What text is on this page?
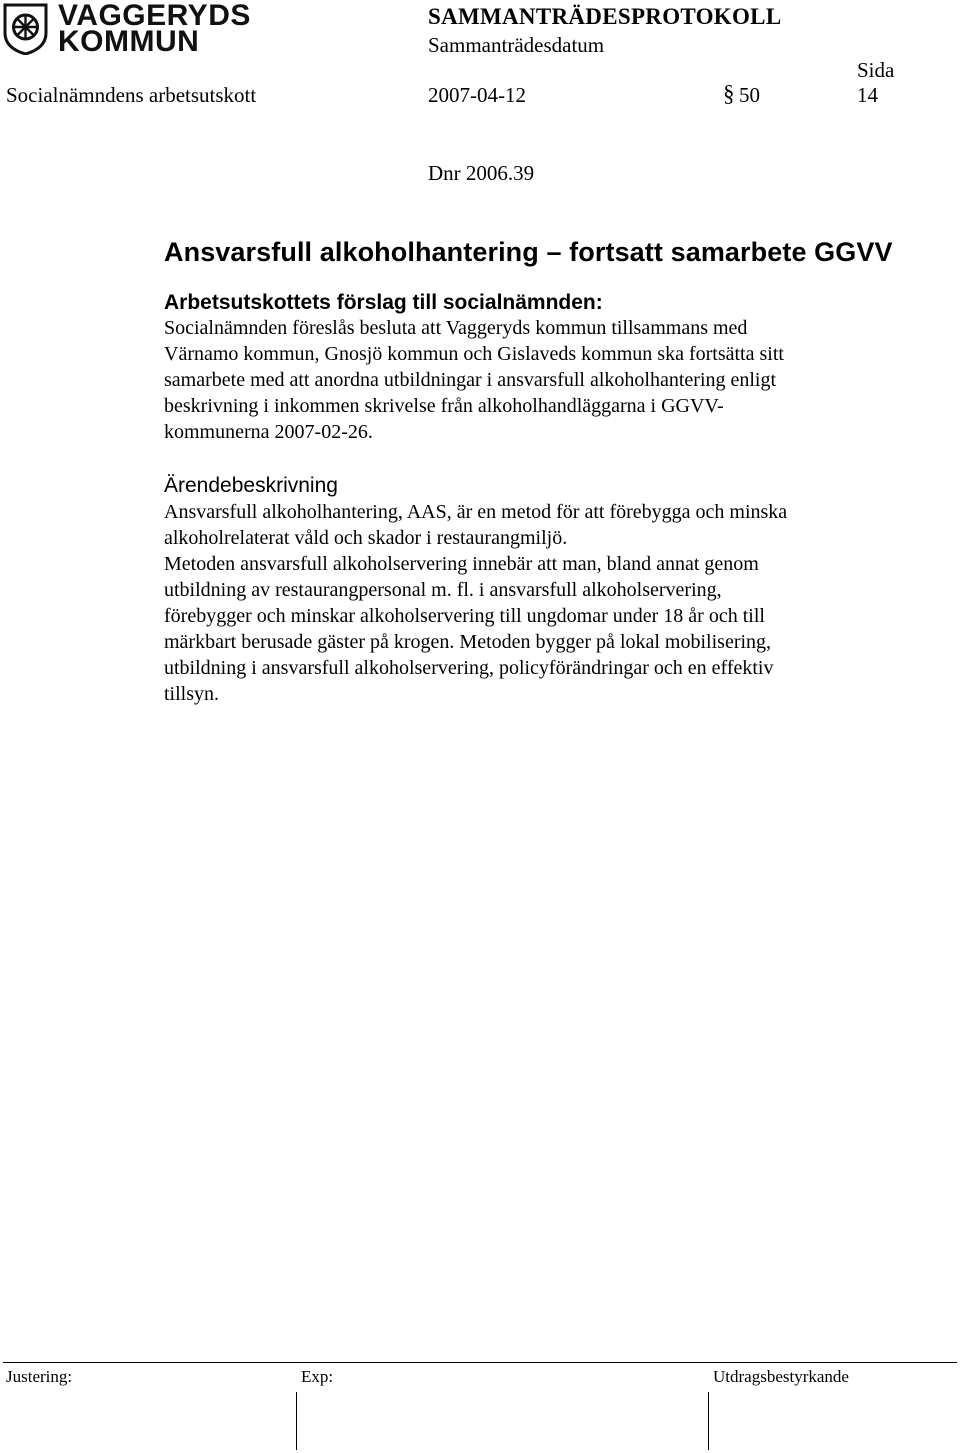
VAGGERYDS
KOMMUN
SAMMANTRÄDESPROTOKOLL
Sammanträdesdatum
Sida
Socialnämndens arbetsutskott	2007-04-12	§ 50	14
Dnr 2006.39
Ansvarsfull alkoholhantering – fortsatt samarbete GGVV
Arbetsutskottets förslag till socialnämnden:
Socialnämnden föreslås besluta att Vaggeryds kommun tillsammans med
Värnamo kommun, Gnosjö kommun och Gislaveds kommun ska fortsätta sitt
samarbete med att anordna utbildningar i ansvarsfull alkoholhantering enligt
beskrivning i inkommen skrivelse från alkoholhandläggarna i GGVV-
kommunerna 2007-02-26.
Ärendebeskrivning
Ansvarsfull alkoholhantering, AAS, är en metod för att förebygga och minska
alkoholrelaterat våld och skador i restaurangmiljö.
Metoden ansvarsfull alkoholservering innebär att man, bland annat genom
utbildning av restaurangpersonal m. fl. i ansvarsfull alkoholservering,
förebygger och minskar alkoholservering till ungdomar under 18 år och till
märkbart berusade gäster på krogen. Metoden bygger på lokal mobilisering,
utbildning i ansvarsfull alkoholservering, policyförändringar och en effektiv
tillsyn.
Justering:	Exp:	Utdragsbestyrkande
